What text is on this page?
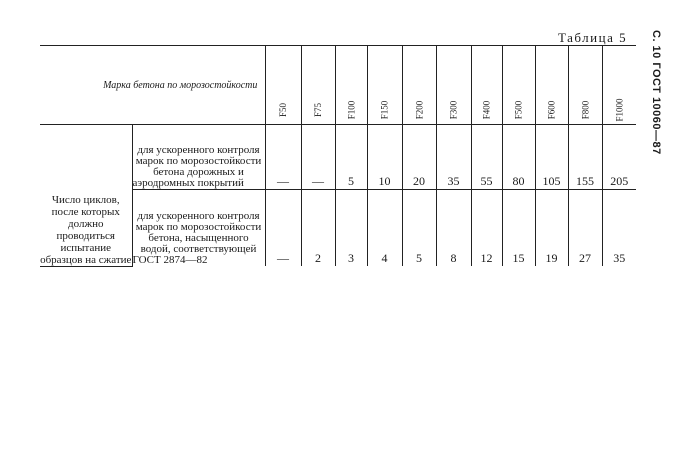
Таблица 5 С. 10 ГОСТ 10060—87
Марка бетона по морозостойкости		F50	F75	F100	F150	F200	F300	F400	F500	F600	F800	F1000
Число циклов, после которых должно проводиться испытание образцов на сжатие	для ускоренного контроля марок по морозостойкости бетона дорожных и аэродромных покрытий	—	—	5	10	20	35	55	80	105	155	205
	для ускоренного контроля марок по морозостойкости бетона, насыщенного водой, соответствующей ГОСТ 2874—82	—	2	3	4	5	8	12	15	19	27	35
